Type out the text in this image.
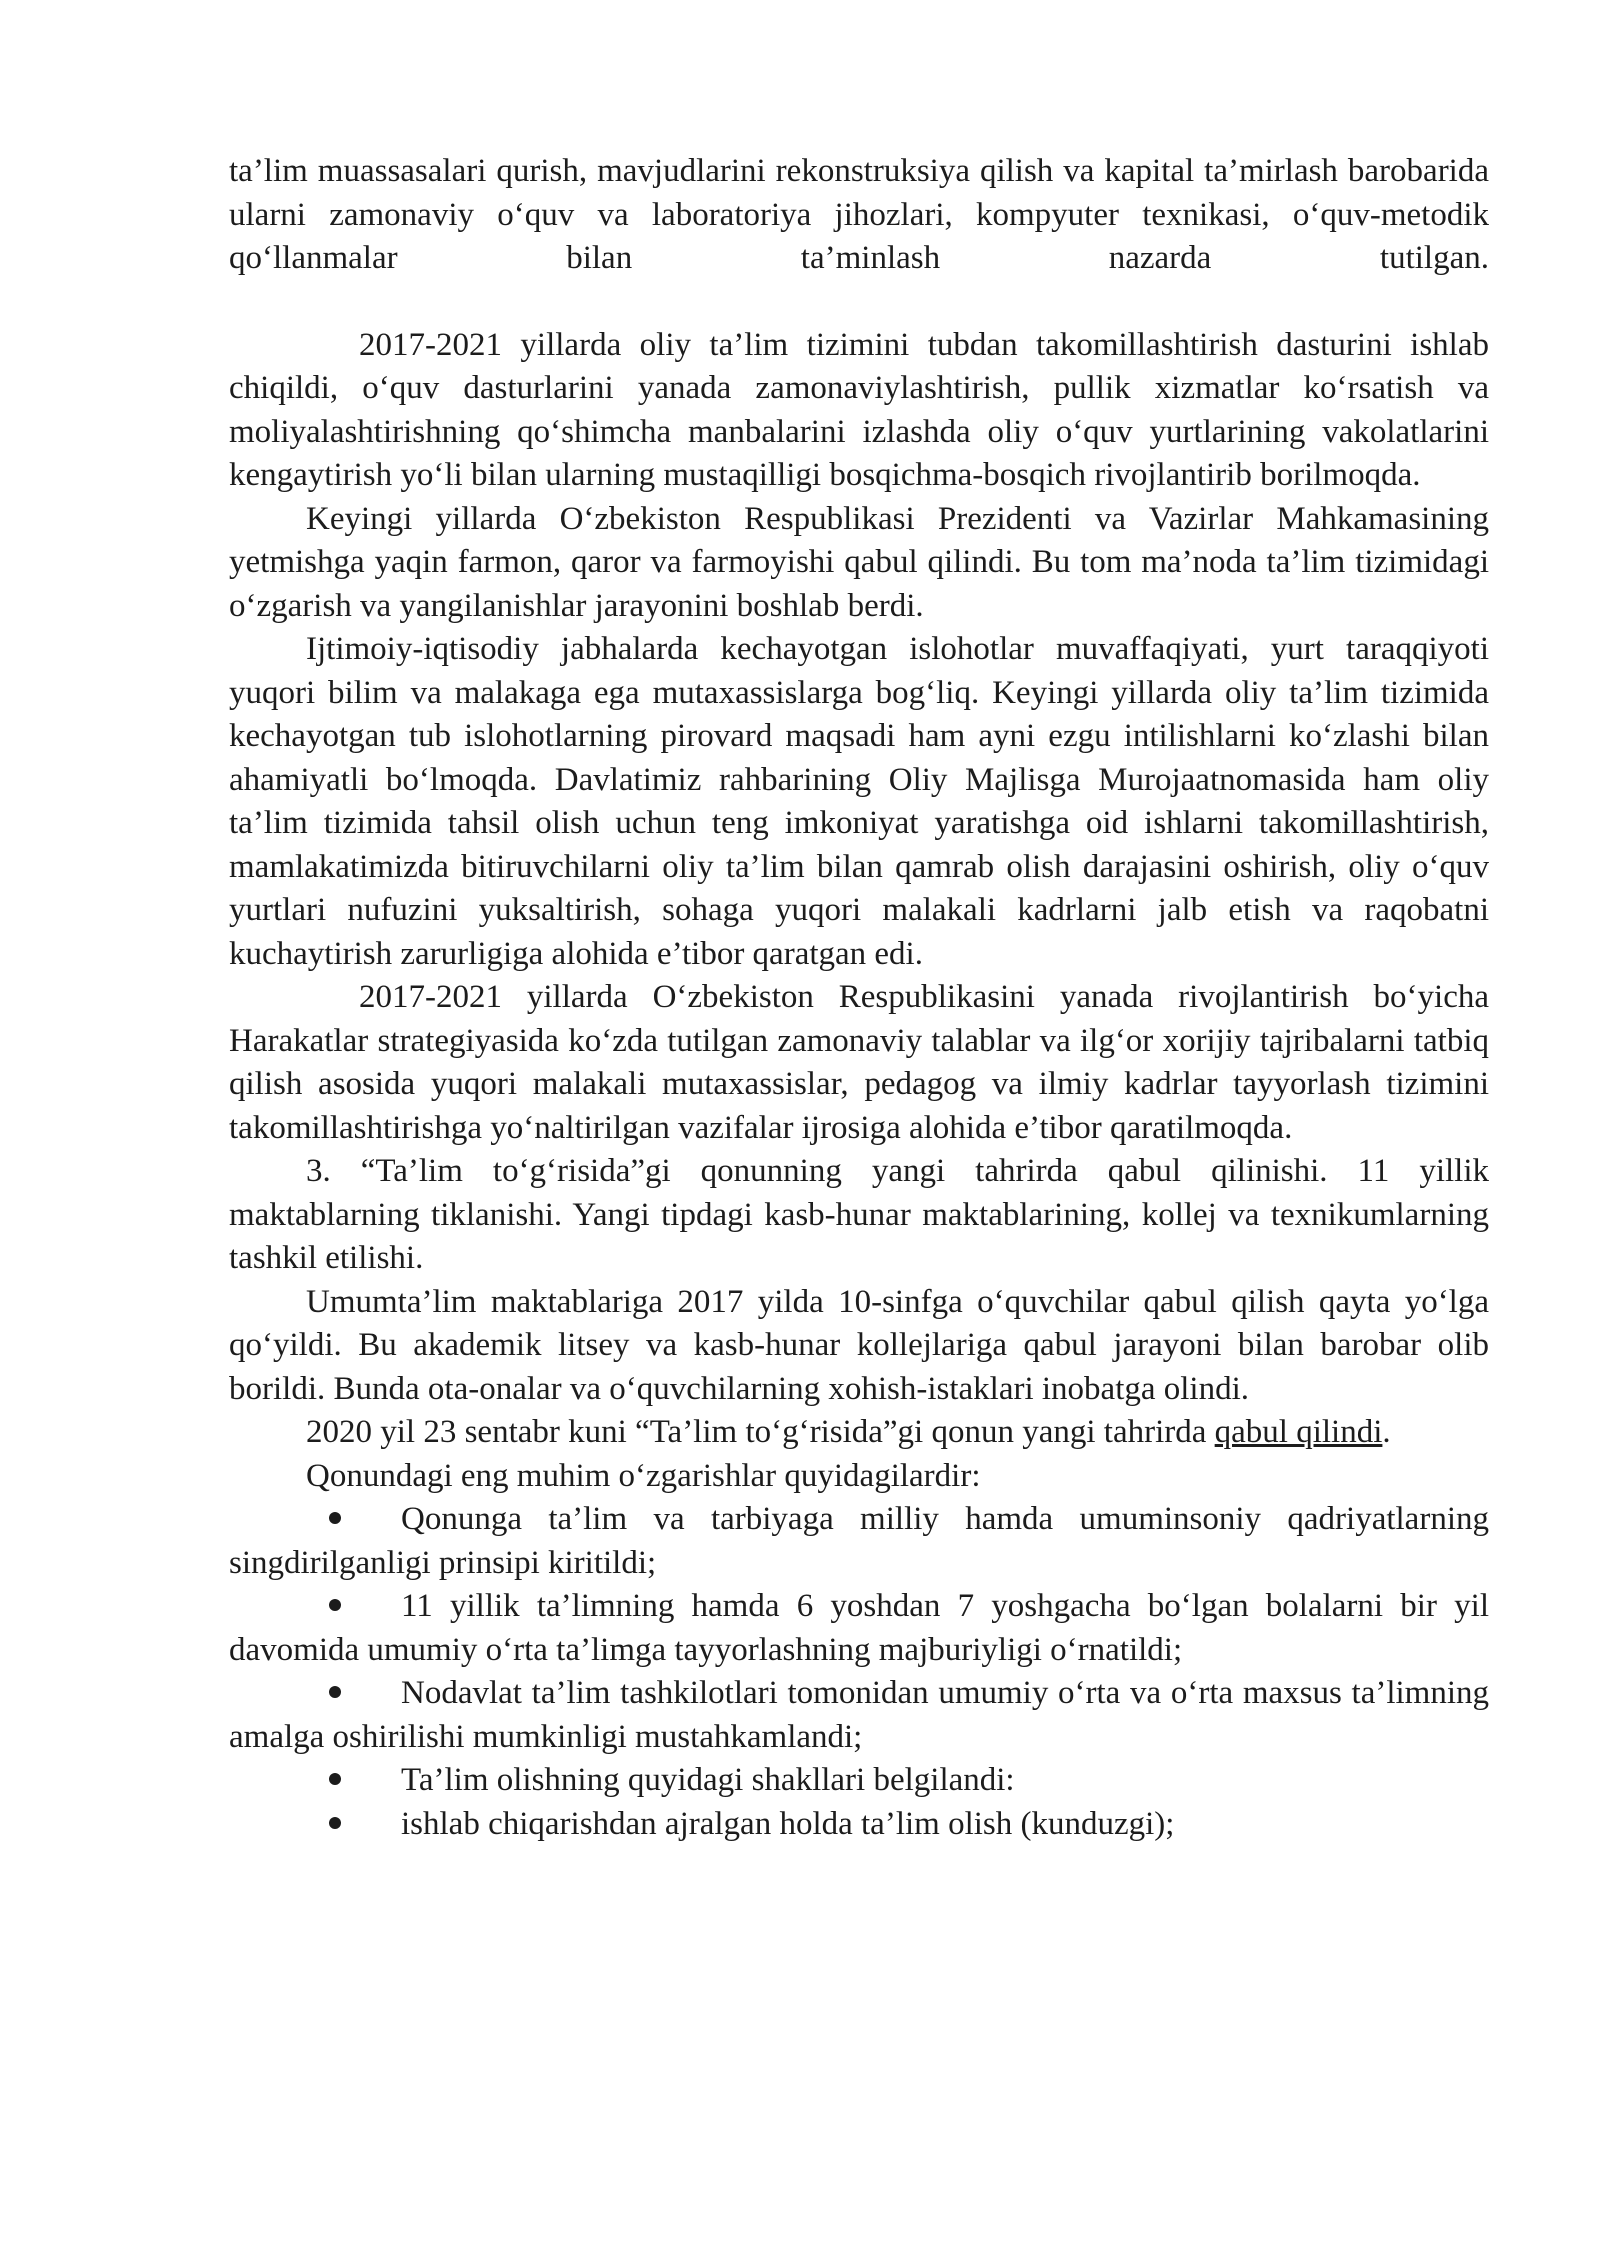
ta’lim muassasalari qurish, mavjudlarini rekonstruksiya qilish va kapital ta’mirlash barobarida ularni zamonaviy o‘quv va laboratoriya jihozlari, kompyuter texnikasi, o‘quv-metodik qo‘llanmalar bilan ta’minlash nazarda tutilgan.

2017-2021 yillarda oliy ta’lim tizimini tubdan takomillashtirish dasturini ishlab chiqildi, o‘quv dasturlarini yanada zamonaviylashtirish, pullik xizmatlar ko‘rsatish va moliyalashtirishning qo‘shimcha manbalarini izlashda oliy o‘quv yurtlarining vakolatlarini kengaytirish yo‘li bilan ularning mustaqilligi bosqichma-bosqich rivojlantirib borilmoqda.

Keyingi yillarda O‘zbekiston Respublikasi Prezidenti va Vazirlar Mahkamasining yetmishga yaqin farmon, qaror va farmoyishi qabul qilindi. Bu tom ma’noda ta’lim tizimidagi o‘zgarish va yangilanishlar jarayonini boshlab berdi.

Ijtimoiy-iqtisodiy jabhalarda kechayotgan islohotlar muvaffaqiyati, yurt taraqqiyoti yuqori bilim va malakaga ega mutaxassislarga bog‘liq. Keyingi yillarda oliy ta’lim tizimida kechayotgan tub islohotlarning pirovard maqsadi ham ayni ezgu intilishlarni ko‘zlashi bilan ahamiyatli bo‘lmoqda. Davlatimiz rahbarining Oliy Majlisga Murojaatnomasida ham oliy ta’lim tizimida tahsil olish uchun teng imkoniyat yaratishga oid ishlarni takomillashtirish, mamlakatimizda bitiruvchilarni oliy ta’lim bilan qamrab olish darajasini oshirish, oliy o‘quv yurtlari nufuzini yuksaltirish, sohaga yuqori malakali kadrlarni jalb etish va raqobatni kuchaytirish zarurligiga alohida e’tibor qaratgan edi.

2017-2021 yillarda O‘zbekiston Respublikasini yanada rivojlantirish bo‘yicha Harakatlar strategiyasida ko‘zda tutilgan zamonaviy talablar va ilg‘or xorijiy tajribalarni tatbiq qilish asosida yuqori malakali mutaxassislar, pedagog va ilmiy kadrlar tayyorlash tizimini takomillashtirishga yo‘naltirilgan vazifalar ijrosiga alohida e’tibor qaratilmoqda.

3. “Ta’lim to‘g‘risida”gi qonunning yangi tahrirda qabul qilinishi. 11 yillik maktablarning tiklanishi. Yangi tipdagi kasb-hunar maktablarining, kollej va texnikumlarning tashkil etilishi.

Umumta’lim maktablariga 2017 yilda 10-sinfga o‘quvchilar qabul qilish qayta yo‘lga qo‘yildi. Bu akademik litsey va kasb-hunar kollejlariga qabul jarayoni bilan barobar olib borildi. Bunda ota-onalar va o‘quvchilarning xohish-istaklari inobatga olindi.

2020 yil 23 sentabr kuni “Ta’lim to‘g‘risida”gi qonun yangi tahrirda qabul qilindi.

Qonundagi eng muhim o‘zgarishlar quyidagilardir:

Qonunga ta’lim va tarbiyaga milliy hamda umuminsoniy qadriyatlarning singdirilganligi prinsipi kiritildi;

11 yillik ta’limning hamda 6 yoshdan 7 yoshgacha bo‘lgan bolalarni bir yil davomida umumiy o‘rta ta’limga tayyorlashning majburiyligi o‘rnatildi;

Nodavlat ta’lim tashkilotlari tomonidan umumiy o‘rta va o‘rta maxsus ta’limning amalga oshirilishi mumkinligi mustahkamlandi;

Ta’lim olishning quyidagi shakllari belgilandi:

ishlab chiqarishdan ajralgan holda ta’lim olish (kunduzgi);
